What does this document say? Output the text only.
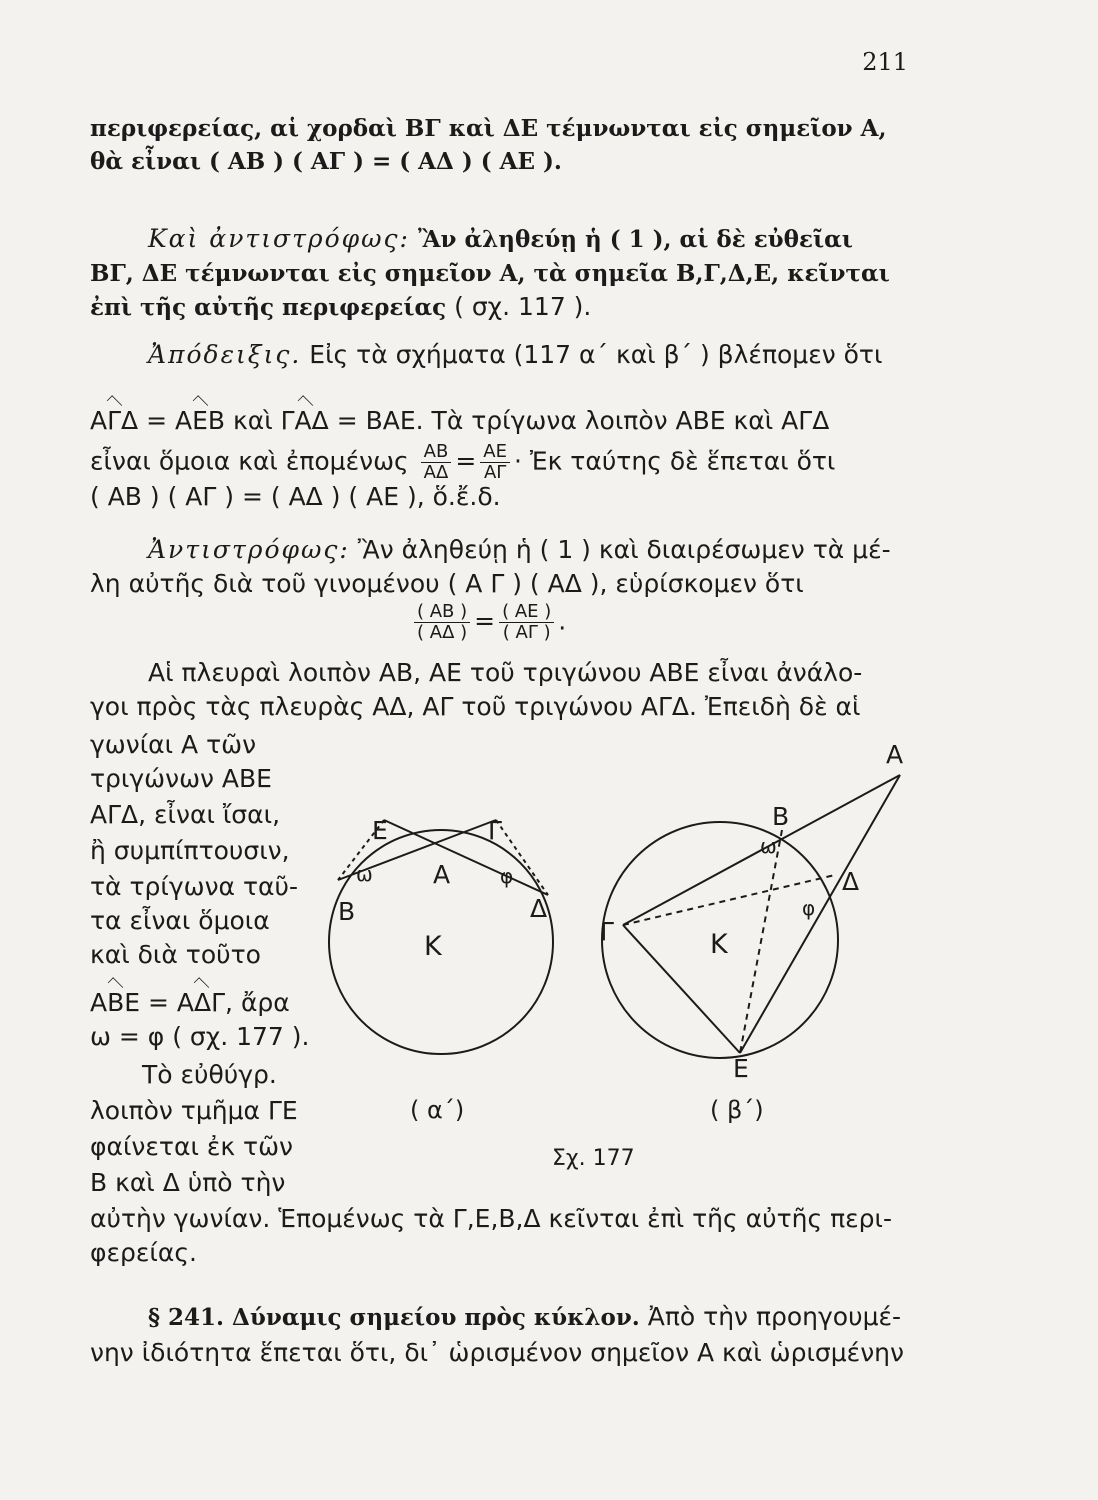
211
περιφερείας, αἱ χορδαὶ ΒΓ καὶ ΔΕ τέμνωνται εἰς σημεῖον Α,
θὰ εἶναι ( ΑΒ ) ( ΑΓ ) = ( ΑΔ ) ( ΑΕ ).
Καὶ ἀντιστρόφως: Ἂν ἀληθεύῃ ἡ ( 1 ), αἱ δὲ εὐθεῖαι
ΒΓ, ΔΕ τέμνωνται εἰς σημεῖον Α, τὰ σημεῖα Β,Γ,Δ,Ε, κεῖνται
ἐπὶ τῆς αὐτῆς περιφερείας ( σχ. 117 ).
Ἀπόδειξις. Εἰς τὰ σχήματα (117 α΄ καὶ β΄ ) βλέπομεν ὅτι
ΑΓΔ = ΑΕΒ καὶ ΓΑΔ = ΒΑΕ. Τὰ τρίγωνα λοιπὸν ΑΒΕ καὶ ΑΓΔ
εἶναι ὅμοια καὶ ἐπομένως $\frac{AB}{A\Delta} = \frac{AE}{A\Gamma}$ · Ἐκ ταύτης δὲ ἕπεται ὅτι
( ΑΒ ) ( ΑΓ ) = ( ΑΔ ) ( ΑΕ ), ὅ.ἔ.δ.
Ἀντιστρόφως: Ἂν ἀληθεύῃ ἡ ( 1 ) καὶ διαιρέσωμεν τὰ μέ-
λη αὐτῆς διὰ τοῦ γινομένου ( Α Γ ) ( ΑΔ ), εὑρίσκομεν ὅτι
$\frac{( AB )}{( A\Delta )} = \frac{( AE )}{( A\Gamma )}$ .
Αἱ πλευραὶ λοιπὸν ΑΒ, ΑΕ τοῦ τριγώνου ΑΒΕ εἶναι ἀνάλο-
γοι πρὸς τὰς πλευρὰς ΑΔ, ΑΓ τοῦ τριγώνου ΑΓΔ. Ἐπειδὴ δὲ αἱ
γωνίαι Α τῶν
τριγώνων ΑΒΕ
ΑΓΔ, εἶναι ἴσαι,
ἢ συμπίπτουσιν,
τὰ τρίγωνα ταῦ-
τα εἶναι ὅμοια
καὶ διὰ τοῦτο
ΑΒΕ = ΑΔΓ, ἄρα
ω = φ ( σχ. 177 ).
Τὸ εὐθύγρ.
λοιπὸν τμῆμα ΓΕ
φαίνεται ἐκ τῶν
Β καὶ Δ ὑπὸ τὴν
αὐτὴν γωνίαν. Ἑπομένως τὰ Γ,Ε,Β,Δ κεῖνται ἐπὶ τῆς αὐτῆς περι-
φερείας.
§ 241. Δύναμις σημείου πρὸς κύκλον. Ἀπὸ τὴν προηγουμέ-
νην ἰδιότητα ἕπεται ὅτι, δι᾽ ὡρισμένον σημεῖον Α καὶ ὡρισμένην
Ε	Γ
Α
Β	Δ
Κ
ω	φ
( α΄)
Α
Β
Γ
Δ
Ε
Κ
ω
φ
( β΄)
Σχ. 177
